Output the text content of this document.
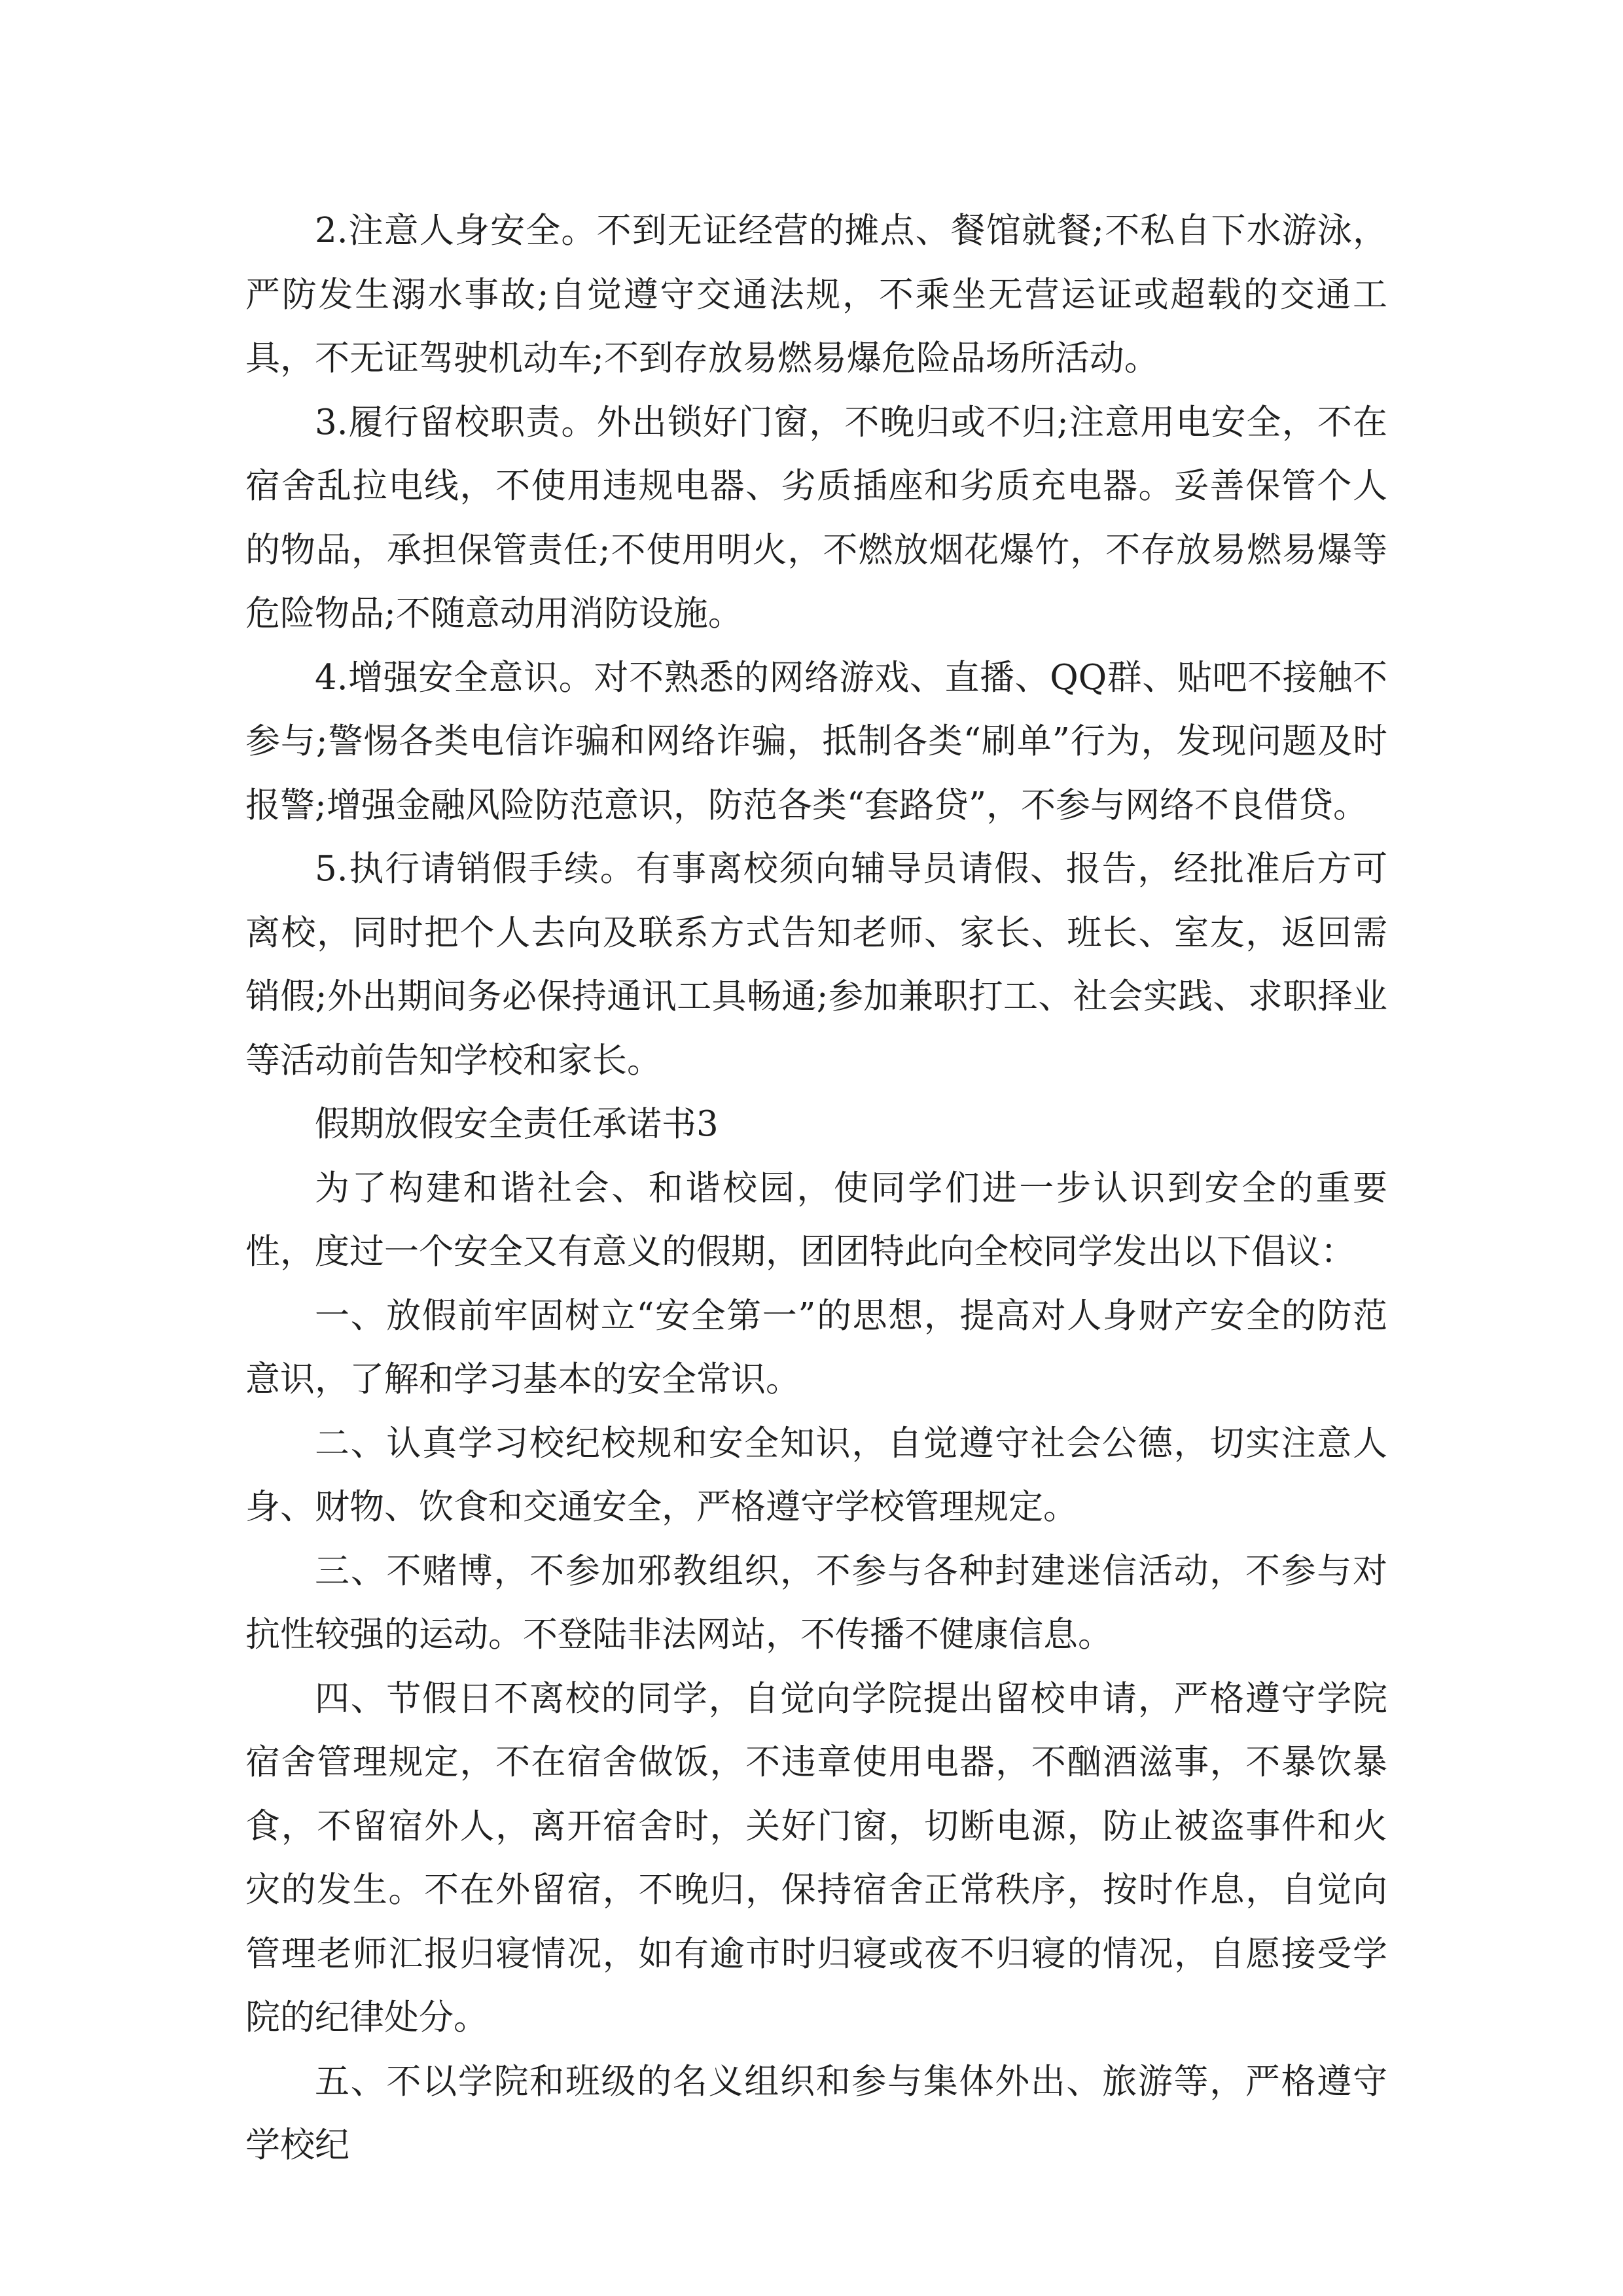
2.注意人身安全。不到无证经营的摊点、餐馆就餐;不私自下水游泳，严防发生溺水事故;自觉遵守交通法规，不乘坐无营运证或超载的交通工具，不无证驾驶机动车;不到存放易燃易爆危险品场所活动。

3.履行留校职责。外出锁好门窗，不晚归或不归;注意用电安全，不在宿舍乱拉电线，不使用违规电器、劣质插座和劣质充电器。妥善保管个人的物品，承担保管责任;不使用明火，不燃放烟花爆竹，不存放易燃易爆等危险物品;不随意动用消防设施。

4.增强安全意识。对不熟悉的网络游戏、直播、QQ群、贴吧不接触不参与;警惕各类电信诈骗和网络诈骗，抵制各类“刷单”行为，发现问题及时报警;增强金融风险防范意识，防范各类“套路贷”，不参与网络不良借贷。

5.执行请销假手续。有事离校须向辅导员请假、报告，经批准后方可离校，同时把个人去向及联系方式告知老师、家长、班长、室友，返回需销假;外出期间务必保持通讯工具畅通;参加兼职打工、社会实践、求职择业等活动前告知学校和家长。

假期放假安全责任承诺书3

为了构建和谐社会、和谐校园，使同学们进一步认识到安全的重要性，度过一个安全又有意义的假期，团团特此向全校同学发出以下倡议：

一、放假前牢固树立“安全第一”的思想，提高对人身财产安全的防范意识，了解和学习基本的安全常识。

二、认真学习校纪校规和安全知识，自觉遵守社会公德，切实注意人身、财物、饮食和交通安全，严格遵守学校管理规定。

三、不赌博，不参加邪教组织，不参与各种封建迷信活动，不参与对抗性较强的运动。不登陆非法网站，不传播不健康信息。

四、节假日不离校的同学，自觉向学院提出留校申请，严格遵守学院宿舍管理规定，不在宿舍做饭，不违章使用电器，不酗酒滋事，不暴饮暴食，不留宿外人，离开宿舍时，关好门窗，切断电源，防止被盗事件和火灾的发生。不在外留宿，不晚归，保持宿舍正常秩序，按时作息，自觉向管理老师汇报归寝情况，如有逾市时归寝或夜不归寝的情况，自愿接受学院的纪律处分。

五、不以学院和班级的名义组织和参与集体外出、旅游等，严格遵守学校纪
